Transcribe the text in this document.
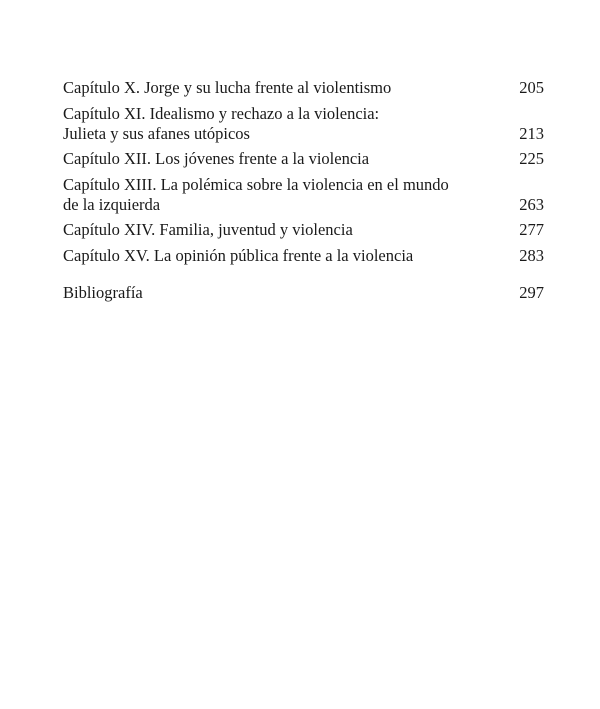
Capítulo X. Jorge y su lucha frente al violentismo	205
Capítulo XI. Idealismo y rechazo a la violencia:
Julieta y sus afanes utópicos	213
Capítulo XII. Los jóvenes frente a la violencia	225
Capítulo XIII. La polémica sobre la violencia en el mundo
de la izquierda	263
Capítulo XIV. Familia, juventud y violencia	277
Capítulo XV. La opinión pública frente a la violencia	283
Bibliografía	297
